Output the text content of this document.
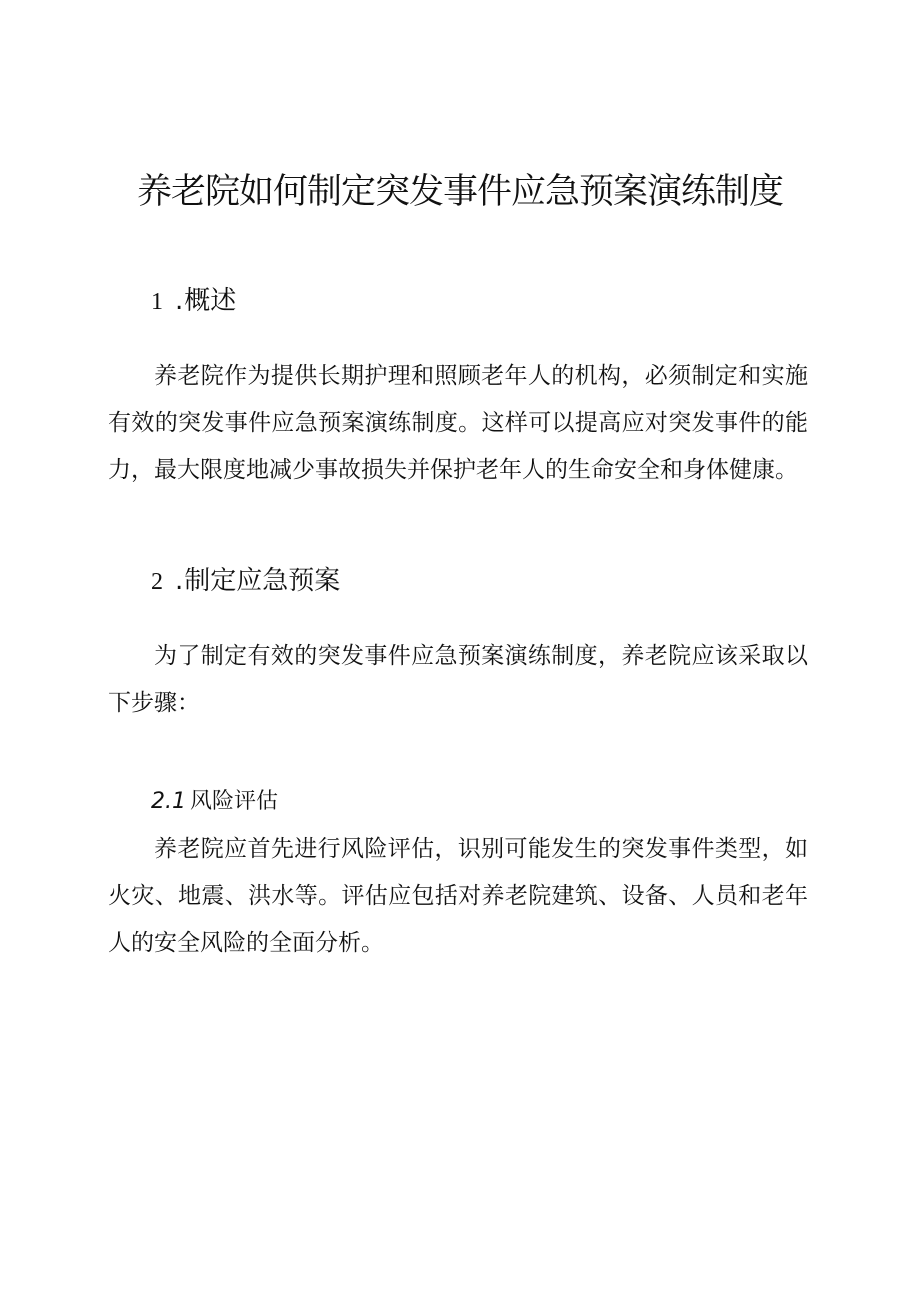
养老院如何制定突发事件应急预案演练制度
1 .概述

养老院作为提供长期护理和照顾老年人的机构，必须制定和实施有效的突发事件应急预案演练制度。这样可以提高应对突发事件的能力，最大限度地减少事故损失并保护老年人的生命安全和身体健康。

2 .制定应急预案

为了制定有效的突发事件应急预案演练制度，养老院应该采取以下步骤：

2.1 风险评估

养老院应首先进行风险评估，识别可能发生的突发事件类型，如火灾、地震、洪水等。评估应包括对养老院建筑、设备、人员和老年人的安全风险的全面分析。
